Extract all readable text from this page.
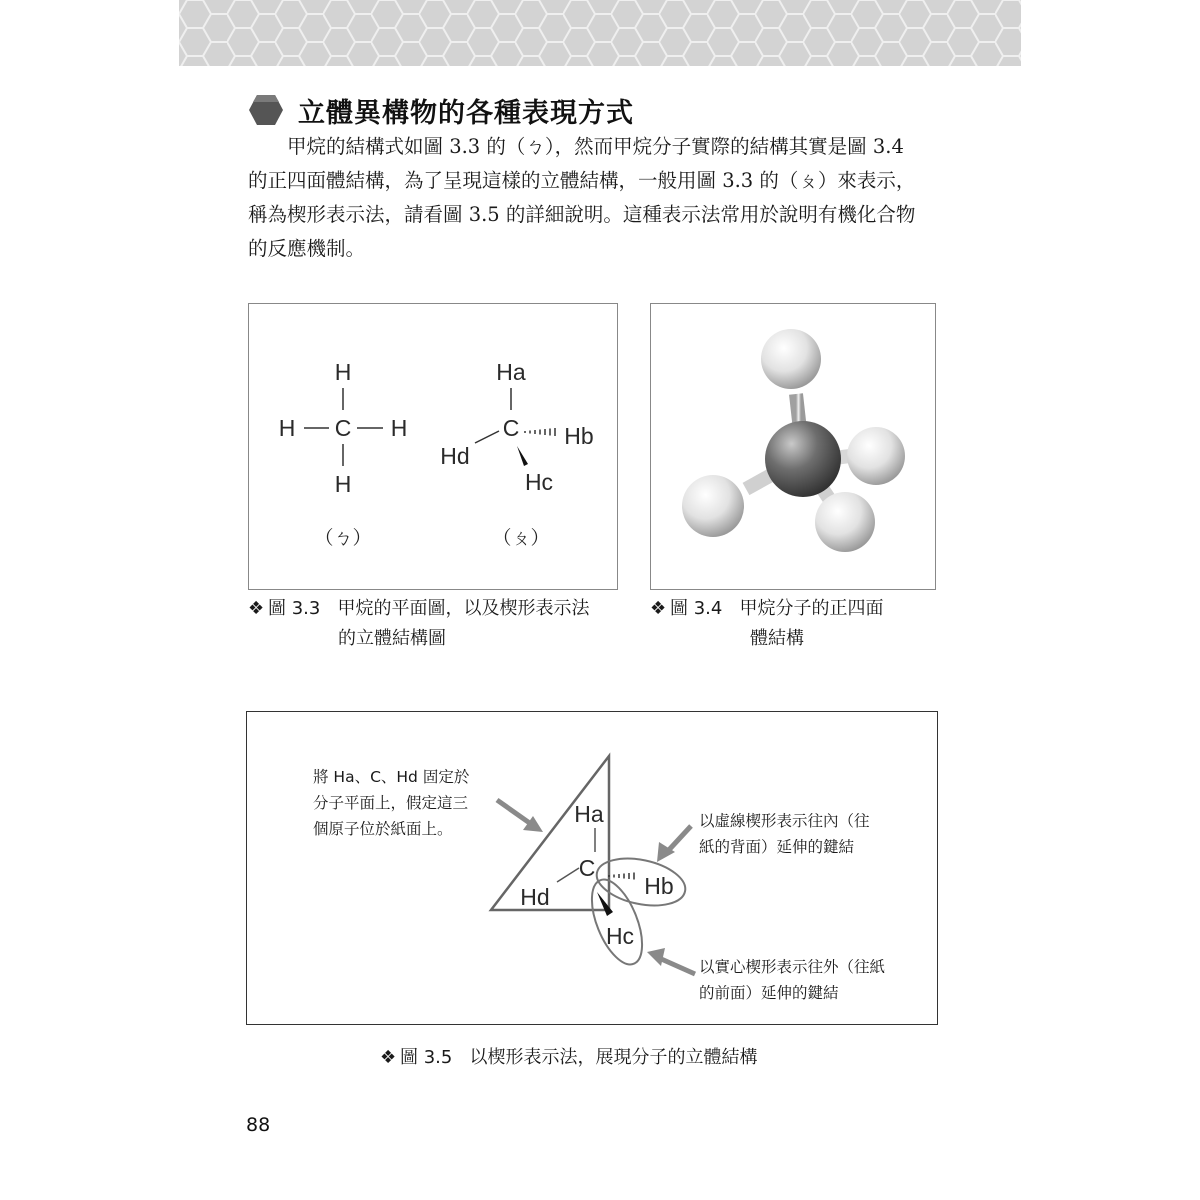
立體異構物的各種表現方式
甲烷的結構式如圖 3.3 的（ㄅ），然而甲烷分子實際的結構其實是圖 3.4
的正四面體結構，為了呈現這樣的立體結構，一般用圖 3.3 的（ㄆ）來表示，
稱為楔形表示法，請看圖 3.5 的詳細說明。這種表示法常用於說明有機化合物
的反應機制。
H
H C H
H
（ㄅ）
Ha
C
Hd
Hb
Hc
（ㄆ）
❖ 圖 3.3 甲烷的平面圖，以及楔形表示法
的立體結構圖
❖ 圖 3.4 甲烷分子的正四面
體結構
Ha
C
Hd	Hb
Hc
將 Ha、C、Hd 固定於
分子平面上，假定這三
個原子位於紙面上。	以虛線楔形表示往內（往
紙的背面）延伸的鍵結
以實心楔形表示往外（往紙
的前面）延伸的鍵結
❖ 圖 3.5 以楔形表示法，展現分子的立體結構
88
